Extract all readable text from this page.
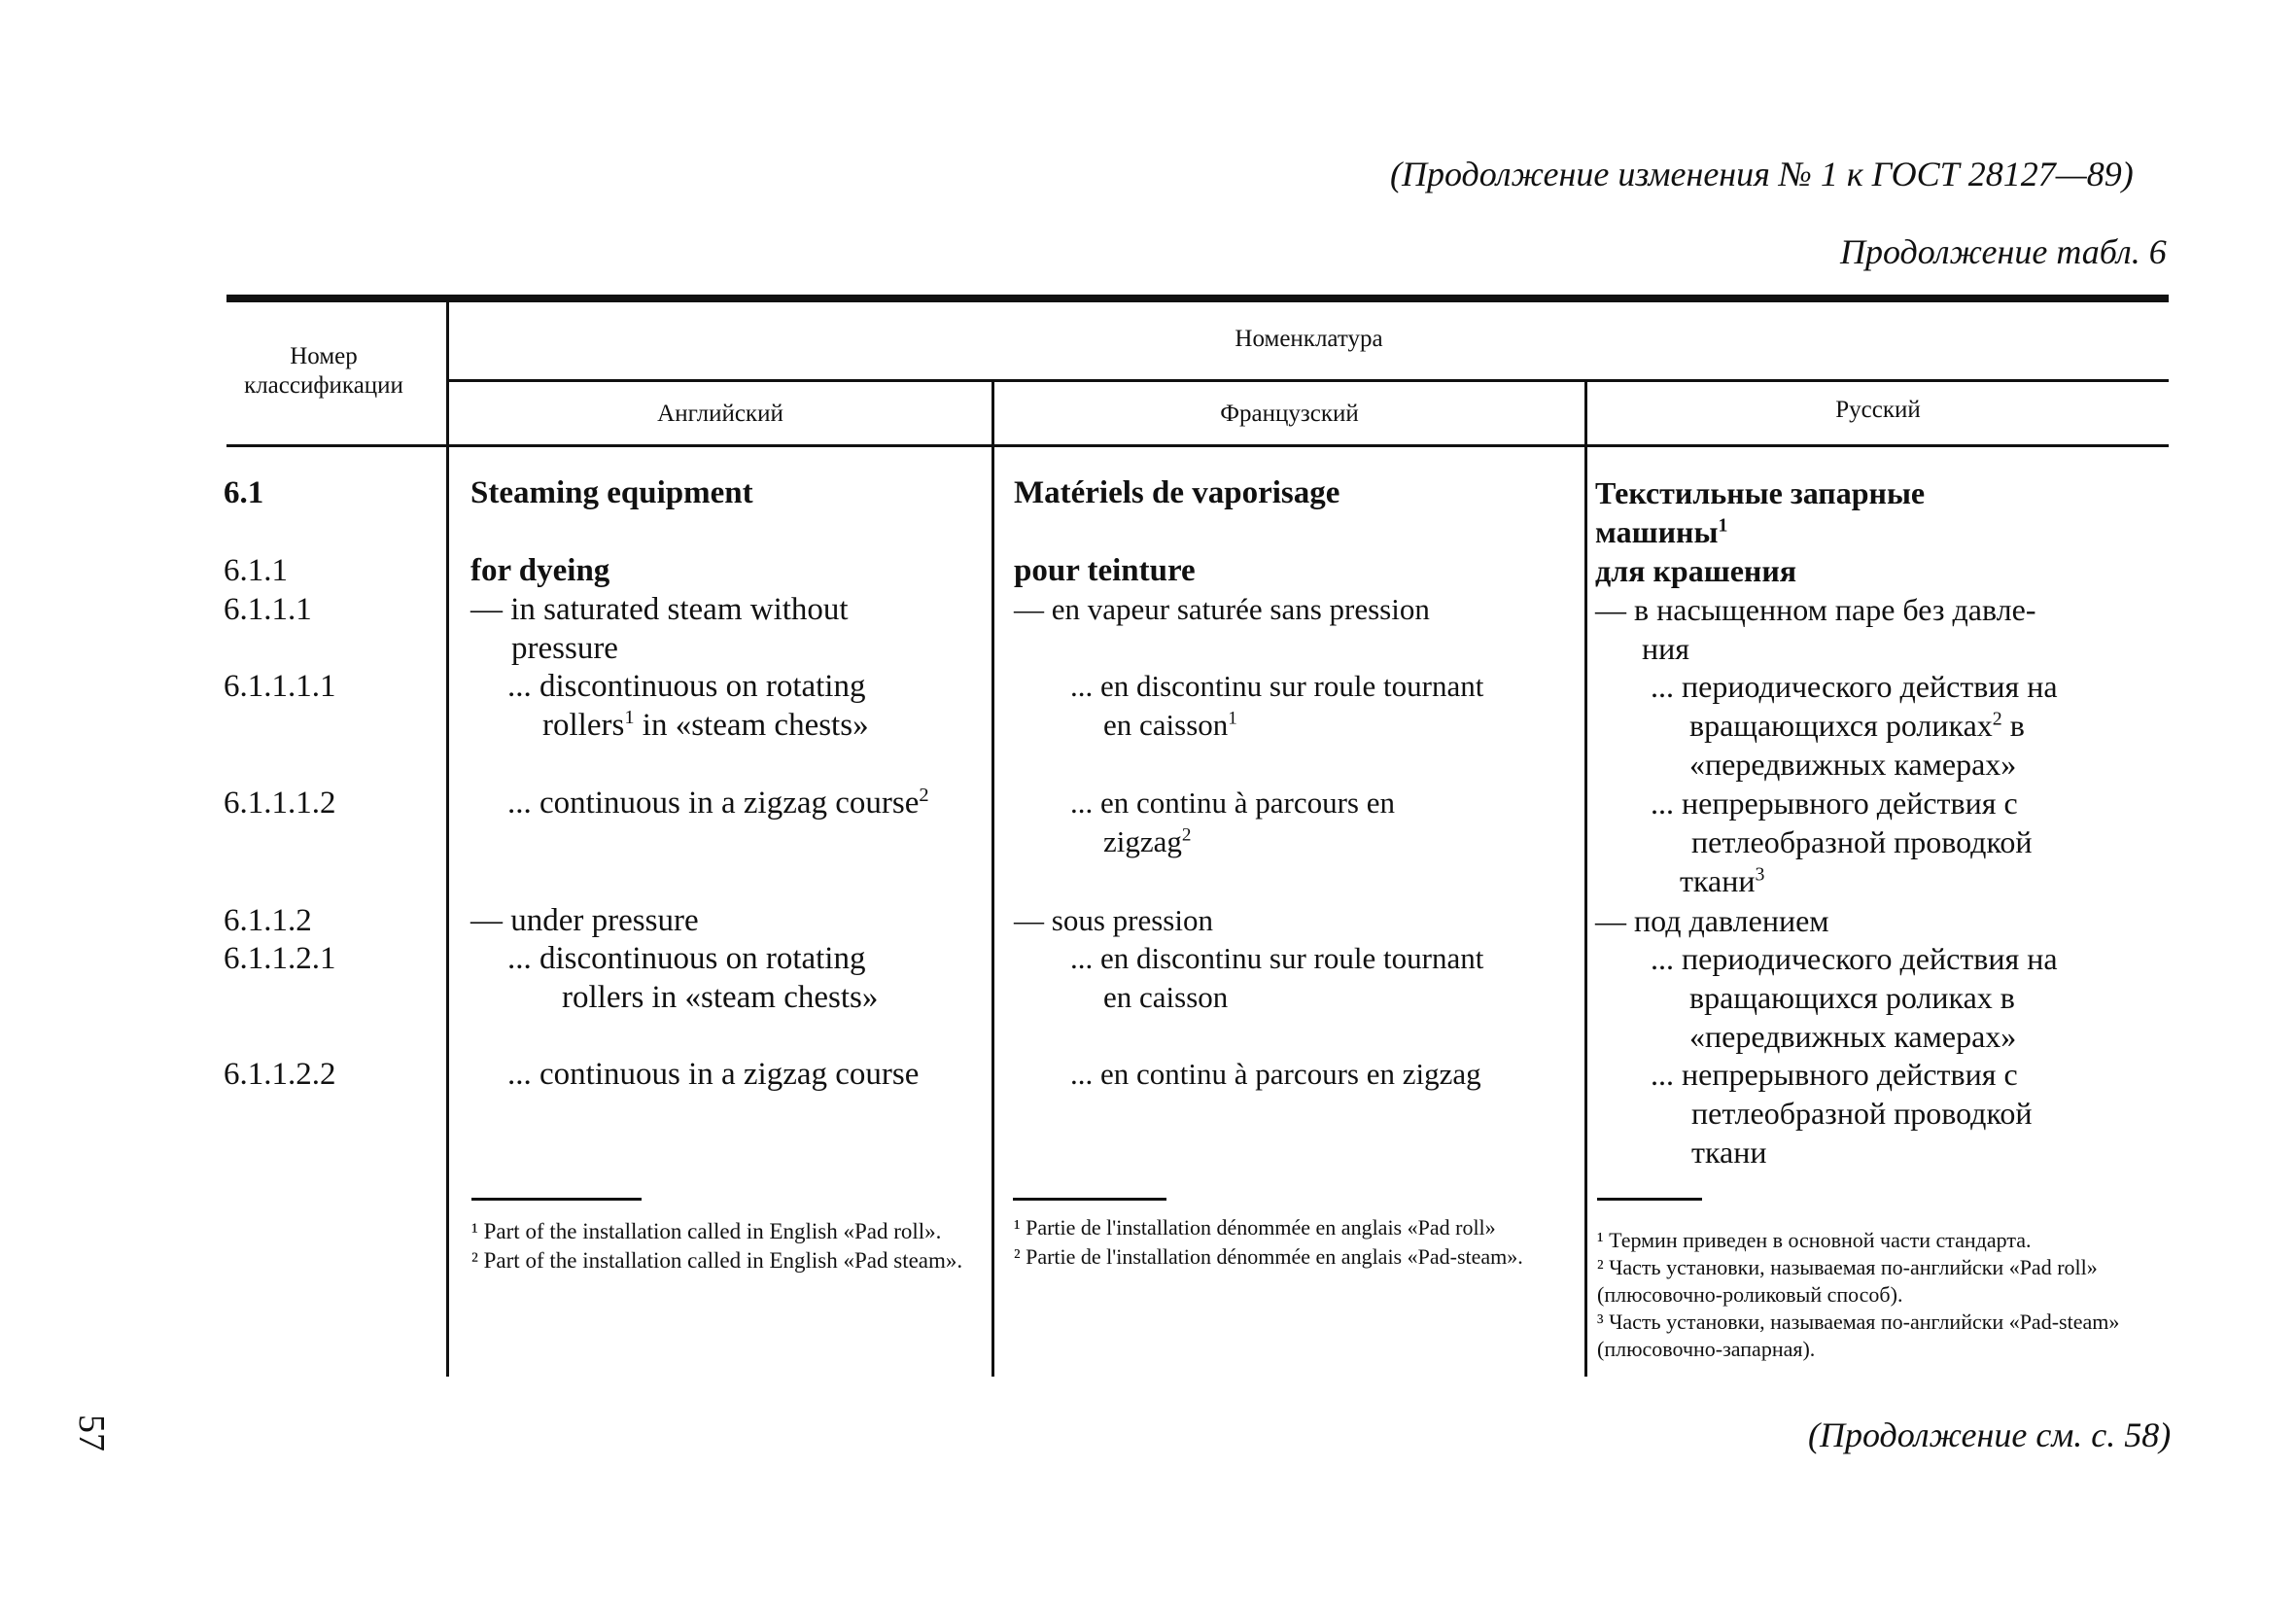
(Продолжение изменения № 1 к ГОСТ 28127—89)
Продолжение табл. 6
Номер классификации
Номенклатура
Английский	Французский	Русский
6.1
6.1.1
6.1.1.1
6.1.1.1.1
6.1.1.1.2
6.1.1.2
6.1.1.2.1
6.1.1.2.2
Steaming equipment
for dyeing
— in saturated steam without
pressure
... discontinuous on rotating
rollers$^1$ in «steam chests»
... continuous in a zigzag course$^2$
— under pressure
... discontinuous on rotating
rollers in «steam chests»
... continuous in a zigzag course
Matériels de vaporisage
pour teinture
— en vapeur saturée sans pression
... en discontinu sur roule tournant
en caisson$^1$
... en continu à parcours en
zigzag$^2$
— sous pression
... en discontinu sur roule tournant
en caisson
... en continu à parcours en zigzag
Текстильные запарные
машины$^1$
для крашения
— в насыщенном паре без давле-
ния
... периодического действия на
вращающихся роликах$^2$ в
«передвижных камерах»
... непрерывного действия с
петлеобразной проводкой
ткани$^3$
— под давлением
... периодического действия на
вращающихся роликах в
«передвижных камерах»
... непрерывного действия с
петлеобразной проводкой
ткани
¹ Part of the installation called in English «Pad roll».
² Part of the installation called in English «Pad steam».
¹ Partie de l'installation dénommée en anglais «Pad roll»
² Partie de l'installation dénommée en anglais «Pad-steam».
¹ Термин приведен в основной части стандарта.
² Часть установки, называемая по-английски «Pad roll» (плюсовочно-роликовый способ).
³ Часть установки, называемая по-английски «Pad-steam» (плюсовочно-запарная).
(Продолжение см. с. 58)
57
